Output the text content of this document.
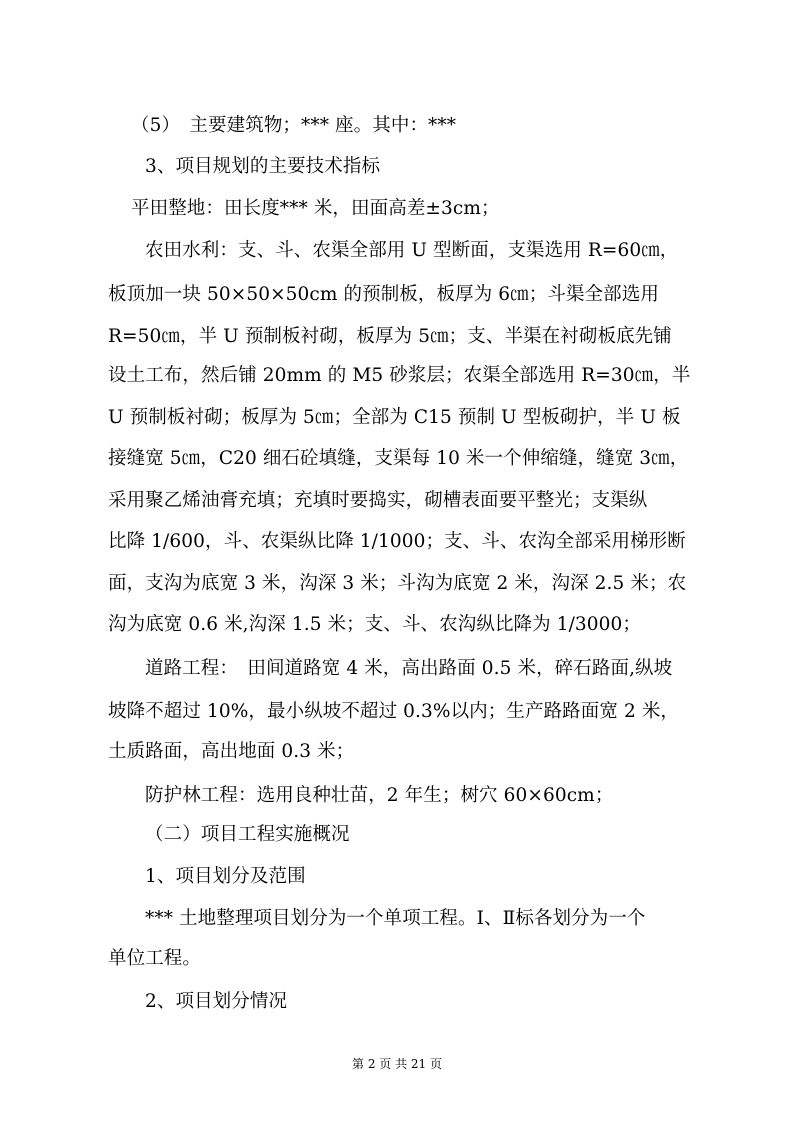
（5）　主要建筑物；*** 座。其中：***

3、项目规划的主要技术指标

平田整地：田长度*** 米，田面高差±3cm；

农田水利：支、斗、农渠全部用 U 型断面，支渠选用 R=60㎝，

板顶加一块 50×50×50cm 的预制板，板厚为 6㎝；斗渠全部选用

R=50㎝，半 U 预制板衬砌，板厚为 5㎝；支、半渠在衬砌板底先铺

设土工布，然后铺 20mm 的 M5 砂浆层；农渠全部选用 R=30㎝，半

U 预制板衬砌；板厚为 5㎝；全部为 C15 预制 U 型板砌护，半 U 板

接缝宽 5㎝，C20 细石砼填缝，支渠每 10 米一个伸缩缝，缝宽 3㎝，

采用聚乙烯油膏充填；充填时要捣实，砌槽表面要平整光；支渠纵

比降 1/600，斗、农渠纵比降 1/1000；支、斗、农沟全部采用梯形断

面，支沟为底宽 3 米，沟深 3 米；斗沟为底宽 2 米，沟深 2.5 米；农

沟为底宽 0.6 米,沟深 1.5 米；支、斗、农沟纵比降为 1/3000；

道路工程：　田间道路宽 4 米，高出路面 0.5 米，碎石路面,纵坡

坡降不超过 10%，最小纵坡不超过 0.3%以内；生产路路面宽 2 米，

土质路面，高出地面 0.3 米；

防护林工程：选用良种壮苗，2 年生；树穴 60×60cm；

（二）项目工程实施概况

1、项目划分及范围

*** 土地整理项目划分为一个单项工程。Ⅰ、Ⅱ标各划分为一个

单位工程。

2、项目划分情况

第 2 页 共 21 页
